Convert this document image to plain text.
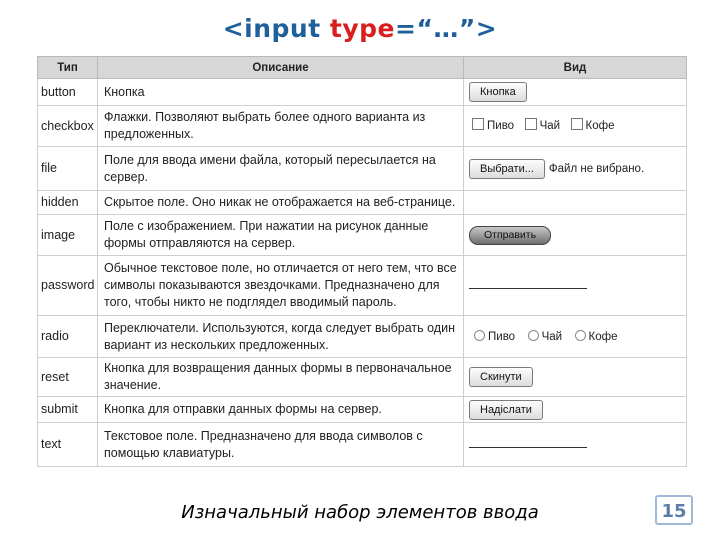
<input type=“…”>
Тип	Описание	Вид
button	Кнопка	Кнопка
checkbox	Флажки. Позволяют выбрать более одного варианта из предложенных.	Пиво Чай Кофе
file	Поле для ввода имени файла, который пересылается на сервер.	Выбрати... Файл не вибрано.
hidden	Скрытое поле. Оно никак не отображается на веб-странице.	
image	Поле с изображением. При нажатии на рисунок данные формы отправляются на сервер.	Отправить
password	Обычное текстовое поле, но отличается от него тем, что все символы показываются звездочками. Предназначено для того, чтобы никто не подглядел вводимый пароль.	

radio	Переключатели. Используются, когда следует выбрать один вариант из нескольких предложенных.	Пиво Чай Кофе
reset	Кнопка для возвращения данных формы в первоначальное значение.	Скинути
submit	Кнопка для отправки данных формы на сервер.	Надіслати
text	Текстовое поле. Предназначено для ввода символов с помощью клавиатуры.	
Изначальный набор элементов ввода	15
